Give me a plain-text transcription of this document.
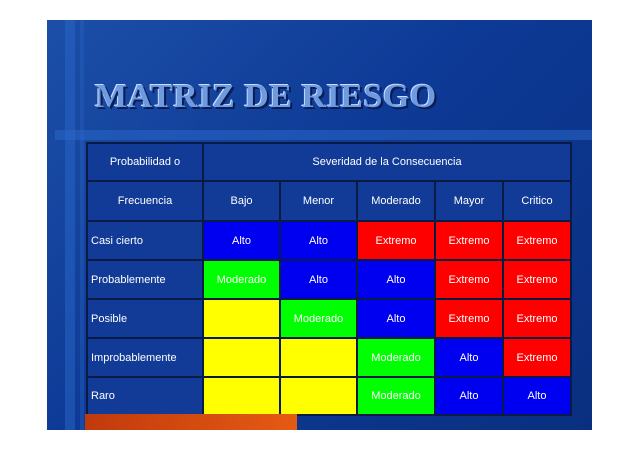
MATRIZ DE RIESGO
Probabilidad o	Severidad de la Consecuencia
Frecuencia	Bajo	Menor	Moderado	Mayor	Critico
Casi cierto	Alto	Alto	Extremo	Extremo	Extremo
Probablemente	Moderado	Alto	Alto	Extremo	Extremo
Posible	Bajo	Moderado	Alto	Extremo	Extremo
Improbablemente	Bajo	Bajo	Moderado	Alto	Extremo
Raro	Bajo	Bajo	Moderado	Alto	Alto
